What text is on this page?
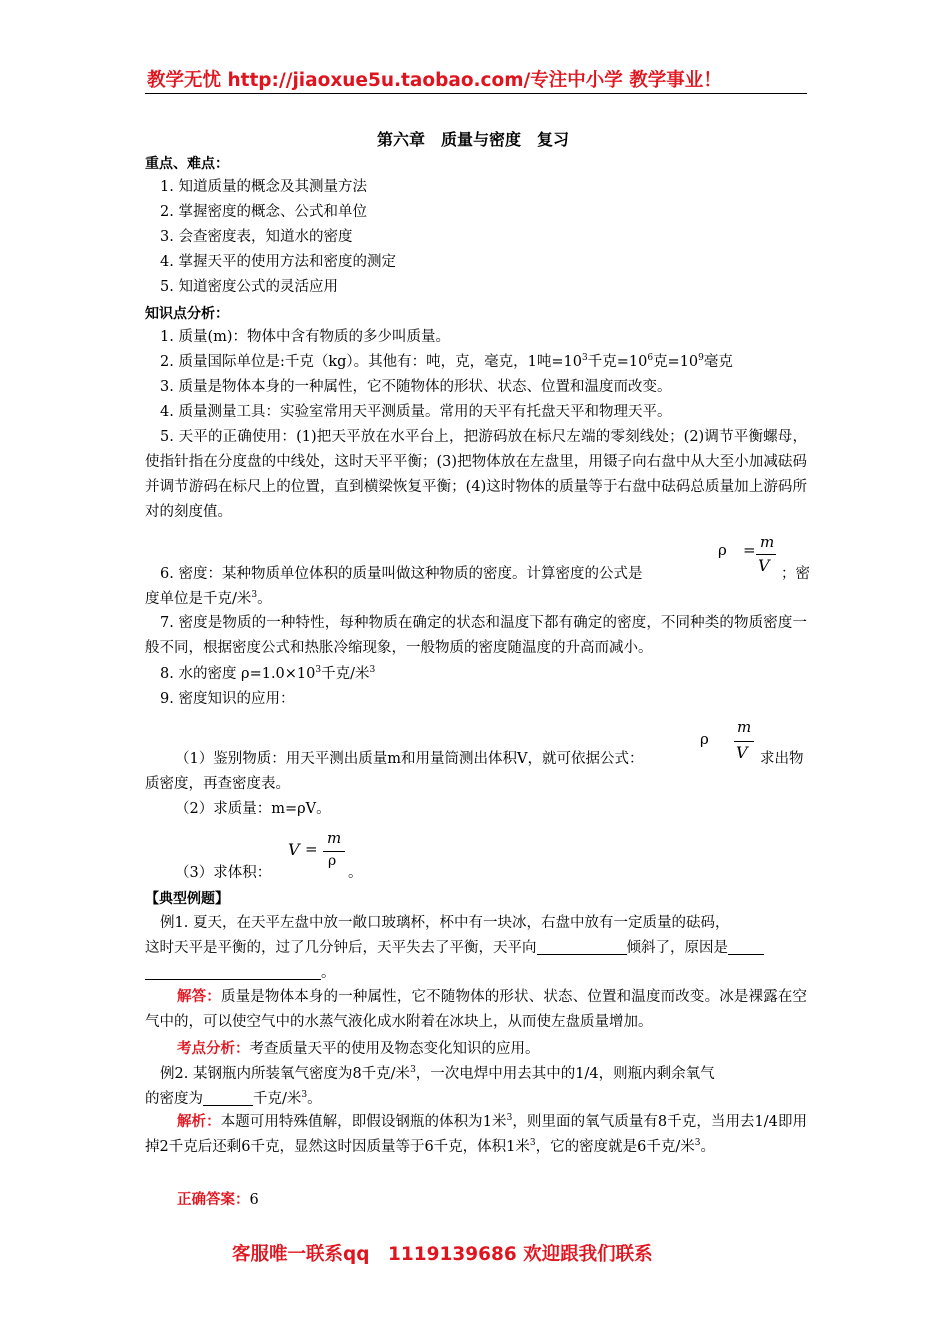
教学无忧 http://jiaoxue5u.taobao.com/专注中小学 教学事业！
第六章　质量与密度　复习
重点、难点：
1. 知道质量的概念及其测量方法
2. 掌握密度的概念、公式和单位
3. 会查密度表，知道水的密度
4. 掌握天平的使用方法和密度的测定
5. 知道密度公式的灵活应用
知识点分析：
1. 质量(m)：物体中含有物质的多少叫质量。
2. 质量国际单位是:千克（kg）。其他有：吨，克，毫克，1吨$=10^3$千克$=10^6$克$=10^9$毫克
3. 质量是物体本身的一种属性，它不随物体的形状、状态、位置和温度而改变。
4. 质量测量工具：实验室常用天平测质量。常用的天平有托盘天平和物理天平。
5. 天平的正确使用：(1)把天平放在水平台上，把游码放在标尺左端的零刻线处；(2)调节平衡螺母，使指针指在分度盘的中线处，这时天平平衡；(3)把物体放在左盘里，用镊子向右盘中从大至小加减砝码并调节游码在标尺上的位置，直到横梁恢复平衡；(4)这时物体的质量等于右盘中砝码总质量加上游码所对的刻度值。
6. 密度：某种物质单位体积的质量叫做这种物质的密度。计算密度的公式是
ρ = m
V ；密
度单位是千克/米$^3$。
7. 密度是物质的一种特性，每种物质在确定的状态和温度下都有确定的密度，不同种类的物质密度一般不同，根据密度公式和热胀冷缩现象，一般物质的密度随温度的升高而减小。
8. 水的密度 $\rho=1.0\times 10^3$千克/米$^3$
9. 密度知识的应用：
（1）鉴别物质：用天平测出质量m和用量筒测出体积V，就可依据公式：
ρ
m
V 求出物
质密度，再查密度表。
（2）求质量：m=ρV。
V =
m
ρ
（3）求体积：	。
【典型例题】
例1. 夏天，在天平左盘中放一敞口玻璃杯，杯中有一块冰，右盘中放有一定质量的砝码，
这时天平是平衡的，过了几分钟后，天平失去了平衡，天平向	倾斜了，原因是
。
解答：质量是物体本身的一种属性，它不随物体的形状、状态、位置和温度而改变。冰是裸露在空气中的，可以使空气中的水蒸气液化成水附着在冰块上，从而使左盘质量增加。
考点分析：考查质量天平的使用及物态变化知识的应用。
例2. 某钢瓶内所装氧气密度为8千克/米$^3$，一次电焊中用去其中的1/4，则瓶内剩余氧气
的密度为	千克/米$^3$。
解析：本题可用特殊值解，即假设钢瓶的体积为1米$^3$，则里面的氧气质量有8千克，当用去1/4即用掉2千克后还剩6千克，显然这时因质量等于6千克，体积1米$^3$，它的密度就是6千克/米$^3$。
正确答案：6
客服唯一联系qq　1119139686 欢迎跟我们联系
